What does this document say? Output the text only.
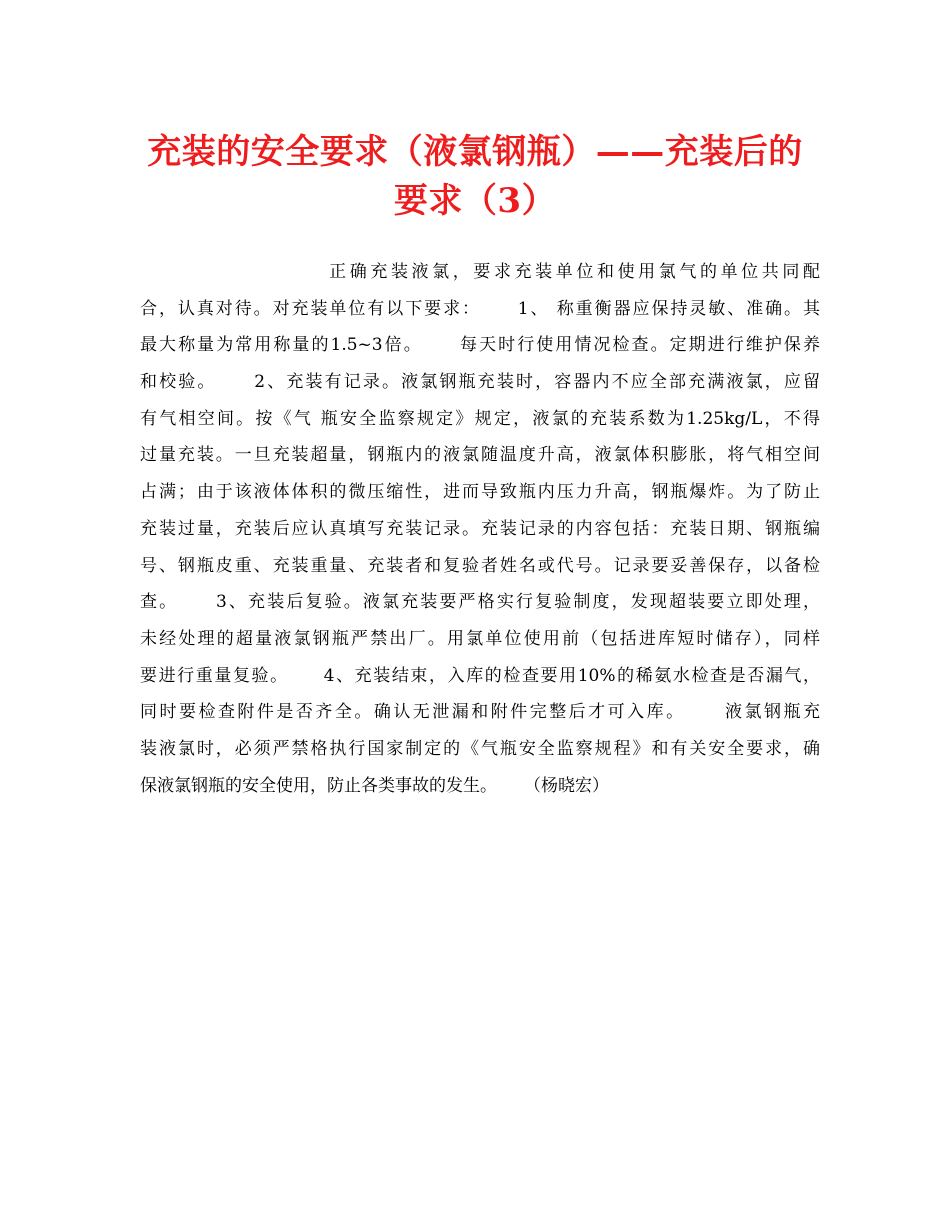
充装的安全要求（液氯钢瓶）——充装后的
要求（3）
正确充装液氯，要求充装单位和使用氯气的单位共同配
合，认真对待。对充装单位有以下要求：     1、 称重衡器应保持灵敏、准确。其
最大称量为常用称量的1.5~3倍。     每天时行使用情况检查。定期进行维护保养
和校验。     2、充装有记录。液氯钢瓶充装时，容器内不应全部充满液氯，应留
有气相空间。按《气 瓶安全监察规定》规定，液氯的充装系数为1.25kg/L，不得
过量充装。一旦充装超量，钢瓶内的液氯随温度升高，液氯体积膨胀，将气相空间
占满；由于该液体体积的微压缩性，进而导致瓶内压力升高，钢瓶爆炸。为了防止
充装过量，充装后应认真填写充装记录。充装记录的内容包括：充装日期、钢瓶编
号、钢瓶皮重、充装重量、充装者和复验者姓名或代号。记录要妥善保存，以备检
查。     3、充装后复验。液氯充装要严格实行复验制度，发现超装要立即处理，
未经处理的超量液氯钢瓶严禁出厂。用氯单位使用前（包括进库短时储存），同样
要进行重量复验。     4、充装结束，入库的检查要用10%的稀氨水检查是否漏气，
同时要检查附件是否齐全。确认无泄漏和附件完整后才可入库。     液氯钢瓶充
装液氯时，必须严禁格执行国家制定的《气瓶安全监察规程》和有关安全要求，确
保液氯钢瓶的安全使用，防止各类事故的发生。     （杨晓宏）
